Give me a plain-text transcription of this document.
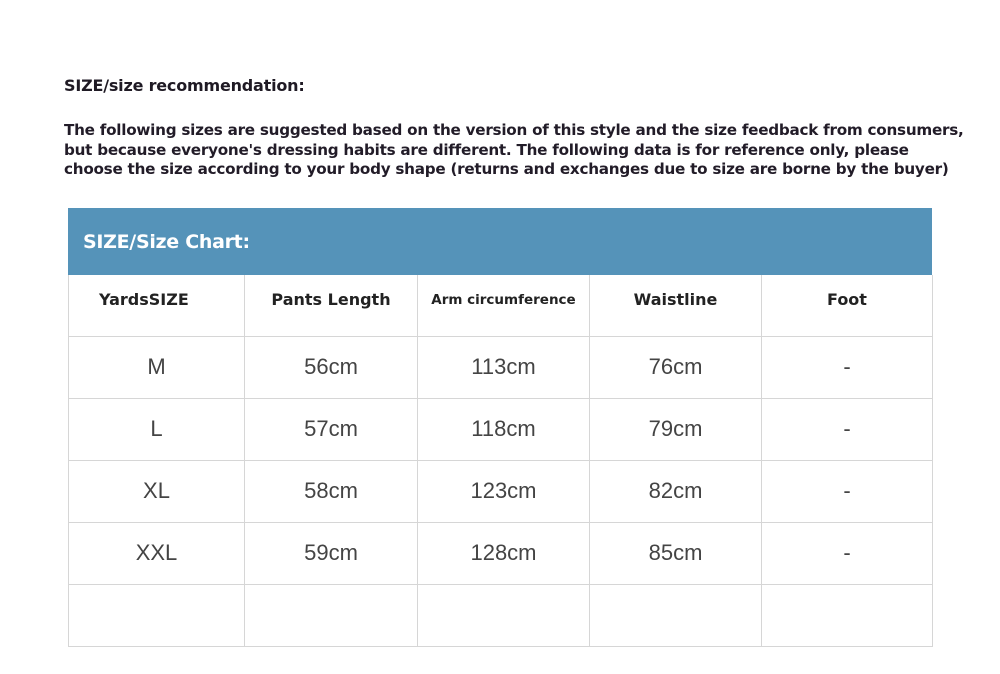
SIZE/size recommendation:
The following sizes are suggested based on the version of this style and the size feedback from consumers,
but because everyone's dressing habits are different. The following data is for reference only, please
choose the size according to your body shape (returns and exchanges due to size are borne by the buyer)
SIZE/Size Chart:
YardsSIZE	Pants Length	Arm circumference	Waistline	Foot
M	56cm	113cm	76cm	-
L	57cm	118cm	79cm	-
XL	58cm	123cm	82cm	-
XXL	59cm	128cm	85cm	-
